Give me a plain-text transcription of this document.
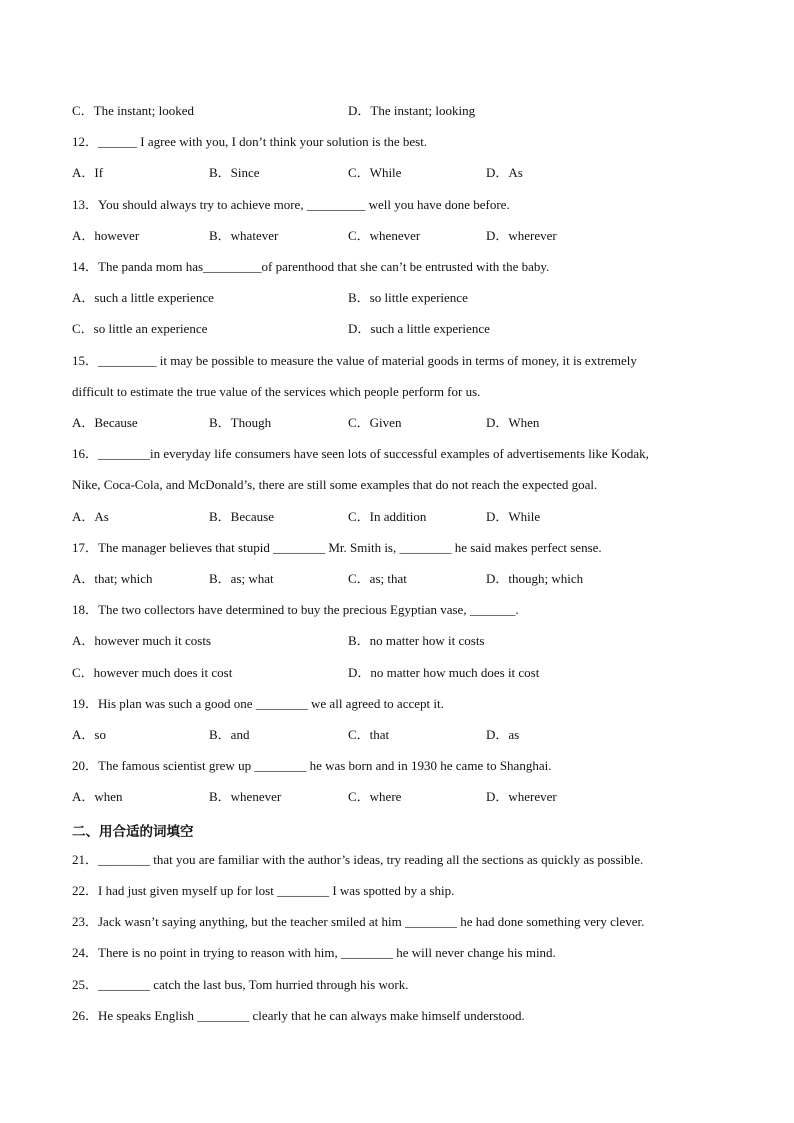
C．The instant; looked	D．The instant; looking
12．______ I agree with you, I don’t think your solution is the best.
A．If	B．Since	C．While	D．As
13．You should always try to achieve more, _________ well you have done before.
A．however	B．whatever	C．whenever	D．wherever
14．The panda mom has_________of parenthood that she can’t be entrusted with the baby.
A．such a little experience	B．so little experience
C．so little an experience	D．such a little experience
15．_________ it may be possible to measure the value of material goods in terms of money, it is extremely
difficult to estimate the true value of the services which people perform for us.
A．Because	B．Though	C．Given	D．When
16．________in everyday life consumers have seen lots of successful examples of advertisements like Kodak,
Nike, Coca-Cola, and McDonald’s, there are still some examples that do not reach the expected goal.
A．As	B．Because	C．In addition	D．While
17．The manager believes that stupid ________ Mr. Smith is, ________ he said makes perfect sense.
A．that; which	B．as; what	C．as; that	D．though; which
18．The two collectors have determined to buy the precious Egyptian vase, _______.
A．however much it costs	B．no matter how it costs
C．however much does it cost	D．no matter how much does it cost
19．His plan was such a good one ________ we all agreed to accept it.
A．so	B．and	C．that	D．as
20．The famous scientist grew up ________ he was born and in 1930 he came to Shanghai.
A．when	B．whenever	C．where	D．wherever
二、用合适的词填空
21．________ that you are familiar with the author’s ideas, try reading all the sections as quickly as possible.
22．I had just given myself up for lost ________ I was spotted by a ship.
23．Jack wasn’t saying anything, but the teacher smiled at him ________ he had done something very clever.
24．There is no point in trying to reason with him, ________ he will never change his mind.
25．________ catch the last bus, Tom hurried through his work.
26．He speaks English ________ clearly that he can always make himself understood.
